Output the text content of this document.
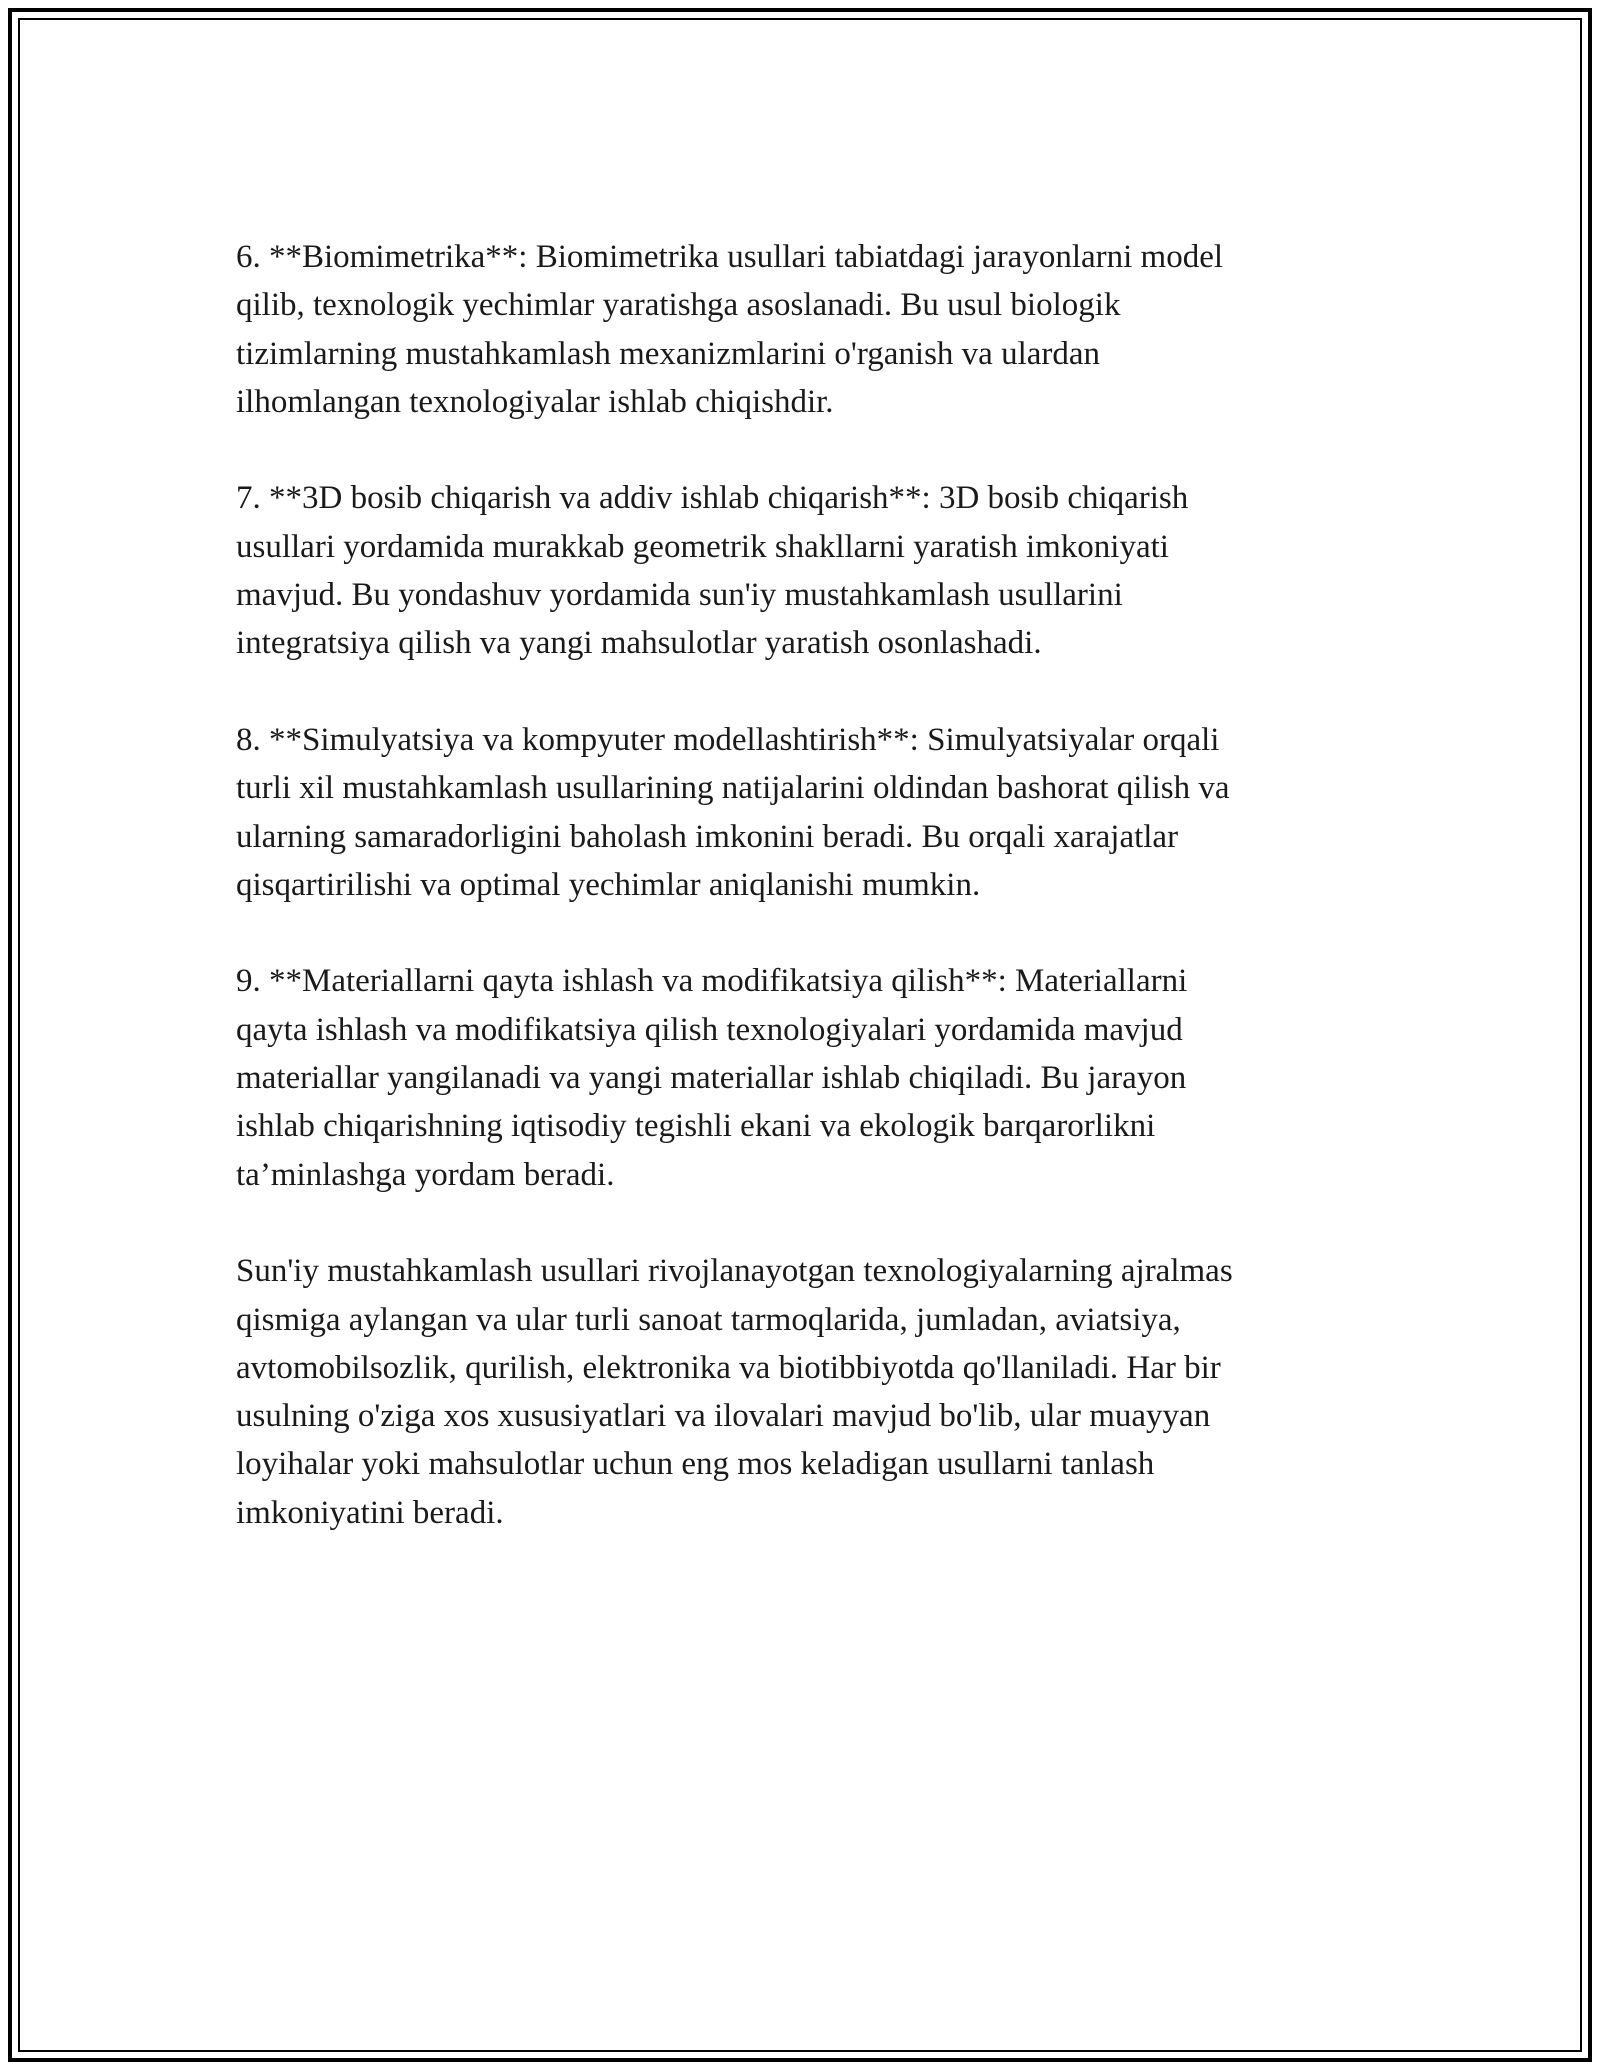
6. **Biomimetrika**: Biomimetrika usullari tabiatdagi jarayonlarni model
qilib, texnologik yechimlar yaratishga asoslanadi. Bu usul biologik
tizimlarning mustahkamlash mexanizmlarini o'rganish va ulardan
ilhomlangan texnologiyalar ishlab chiqishdir.

7. **3D bosib chiqarish va addiv ishlab chiqarish**: 3D bosib chiqarish
usullari yordamida murakkab geometrik shakllarni yaratish imkoniyati
mavjud. Bu yondashuv yordamida sun'iy mustahkamlash usullarini
integratsiya qilish va yangi mahsulotlar yaratish osonlashadi.

8. **Simulyatsiya va kompyuter modellashtirish**: Simulyatsiyalar orqali
turli xil mustahkamlash usullarining natijalarini oldindan bashorat qilish va
ularning samaradorligini baholash imkonini beradi. Bu orqali xarajatlar
qisqartirilishi va optimal yechimlar aniqlanishi mumkin.

9. **Materiallarni qayta ishlash va modifikatsiya qilish**: Materiallarni
qayta ishlash va modifikatsiya qilish texnologiyalari yordamida mavjud
materiallar yangilanadi va yangi materiallar ishlab chiqiladi. Bu jarayon
ishlab chiqarishning iqtisodiy tegishli ekani va ekologik barqarorlikni
ta’minlashga yordam beradi.

Sun'iy mustahkamlash usullari rivojlanayotgan texnologiyalarning ajralmas
qismiga aylangan va ular turli sanoat tarmoqlarida, jumladan, aviatsiya,
avtomobilsozlik, qurilish, elektronika va biotibbiyotda qo'llaniladi. Har bir
usulning o'ziga xos xususiyatlari va ilovalari mavjud bo'lib, ular muayyan
loyihalar yoki mahsulotlar uchun eng mos keladigan usullarni tanlash
imkoniyatini beradi.
